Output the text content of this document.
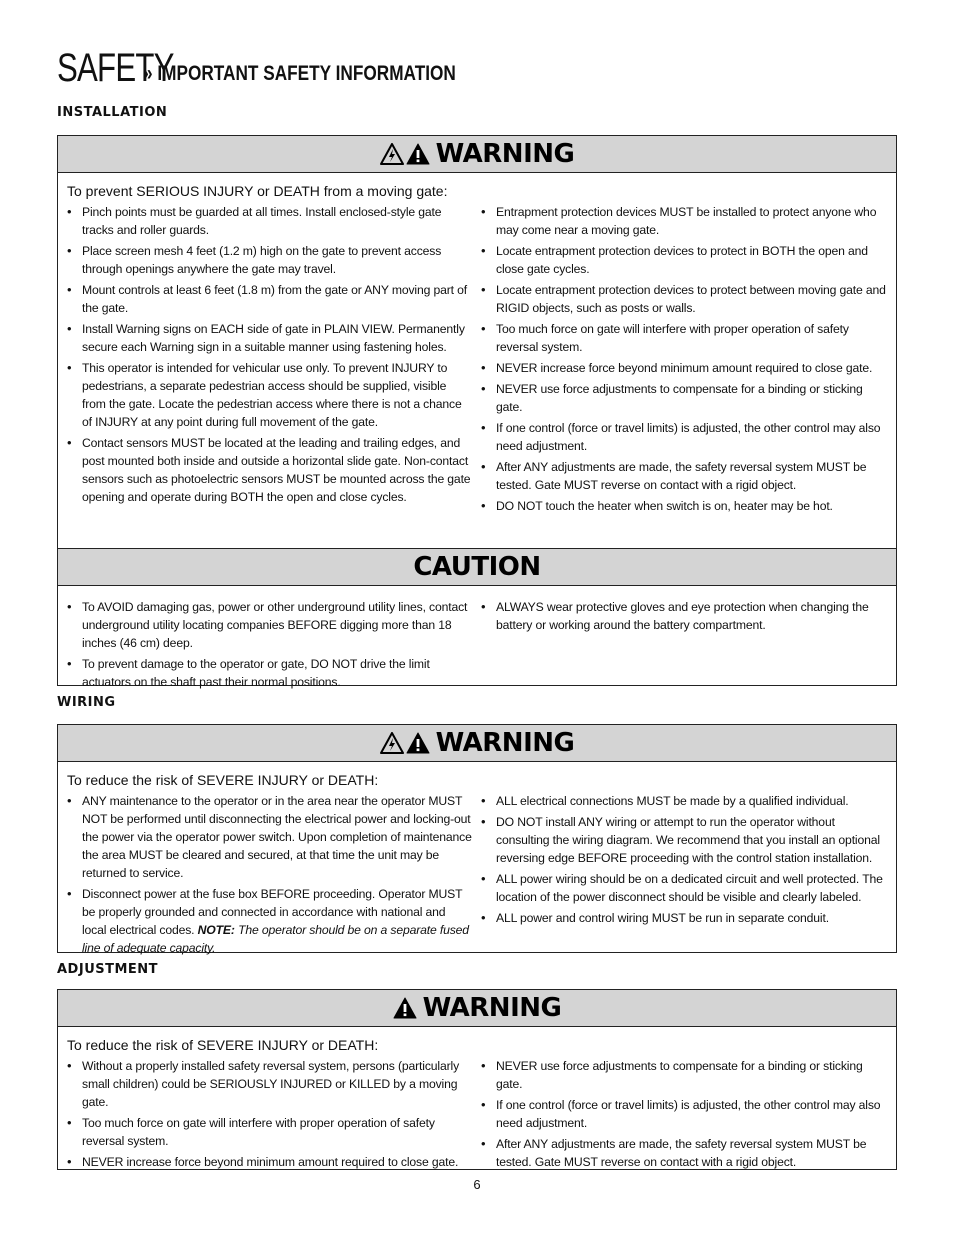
SAFETY
» IMPORTANT SAFETY INFORMATION
INSTALLATION
WARNING
To prevent SERIOUS INJURY or DEATH from a moving gate:
• Pinch points must be guarded at all times. Install enclosed-style gate tracks and roller guards.
• Place screen mesh 4 feet (1.2 m) high on the gate to prevent access through openings anywhere the gate may travel.
• Mount controls at least 6 feet (1.8 m) from the gate or ANY moving part of the gate.
• Install Warning signs on EACH side of gate in PLAIN VIEW. Permanently secure each Warning sign in a suitable manner using fastening holes.
• This operator is intended for vehicular use only. To prevent INJURY to pedestrians, a separate pedestrian access should be supplied, visible from the gate. Locate the pedestrian access where there is not a chance of INJURY at any point during full movement of the gate.
• Contact sensors MUST be located at the leading and trailing edges, and post mounted both inside and outside a horizontal slide gate. Non-contact sensors such as photoelectric sensors MUST be mounted across the gate opening and operate during BOTH the open and close cycles.
• Entrapment protection devices MUST be installed to protect anyone who may come near a moving gate.
• Locate entrapment protection devices to protect in BOTH the open and close gate cycles.
• Locate entrapment protection devices to protect between moving gate and RIGID objects, such as posts or walls.
• Too much force on gate will interfere with proper operation of safety reversal system.
• NEVER increase force beyond minimum amount required to close gate.
• NEVER use force adjustments to compensate for a binding or sticking gate.
• If one control (force or travel limits) is adjusted, the other control may also need adjustment.
• After ANY adjustments are made, the safety reversal system MUST be tested. Gate MUST reverse on contact with a rigid object.
• DO NOT touch the heater when switch is on, heater may be hot.
CAUTION
• To AVOID damaging gas, power or other underground utility lines, contact underground utility locating companies BEFORE digging more than 18 inches (46 cm) deep.
• To prevent damage to the operator or gate, DO NOT drive the limit actuators on the shaft past their normal positions.
• ALWAYS wear protective gloves and eye protection when changing the battery or working around the battery compartment.
WIRING
WARNING
To reduce the risk of SEVERE INJURY or DEATH:
• ANY maintenance to the operator or in the area near the operator MUST NOT be performed until disconnecting the electrical power and locking-out the power via the operator power switch. Upon completion of maintenance the area MUST be cleared and secured, at that time the unit may be returned to service.
• Disconnect power at the fuse box BEFORE proceeding. Operator MUST be properly grounded and connected in accordance with national and local electrical codes. NOTE: The operator should be on a separate fused line of adequate capacity.
• ALL electrical connections MUST be made by a qualified individual.
• DO NOT install ANY wiring or attempt to run the operator without consulting the wiring diagram. We recommend that you install an optional reversing edge BEFORE proceeding with the control station installation.
• ALL power wiring should be on a dedicated circuit and well protected. The location of the power disconnect should be visible and clearly labeled.
• ALL power and control wiring MUST be run in separate conduit.
ADJUSTMENT
WARNING
To reduce the risk of SEVERE INJURY or DEATH:
• Without a properly installed safety reversal system, persons (particularly small children) could be SERIOUSLY INJURED or KILLED by a moving gate.
• Too much force on gate will interfere with proper operation of safety reversal system.
• NEVER increase force beyond minimum amount required to close gate.
• NEVER use force adjustments to compensate for a binding or sticking gate.
• If one control (force or travel limits) is adjusted, the other control may also need adjustment.
• After ANY adjustments are made, the safety reversal system MUST be tested. Gate MUST reverse on contact with a rigid object.
6
